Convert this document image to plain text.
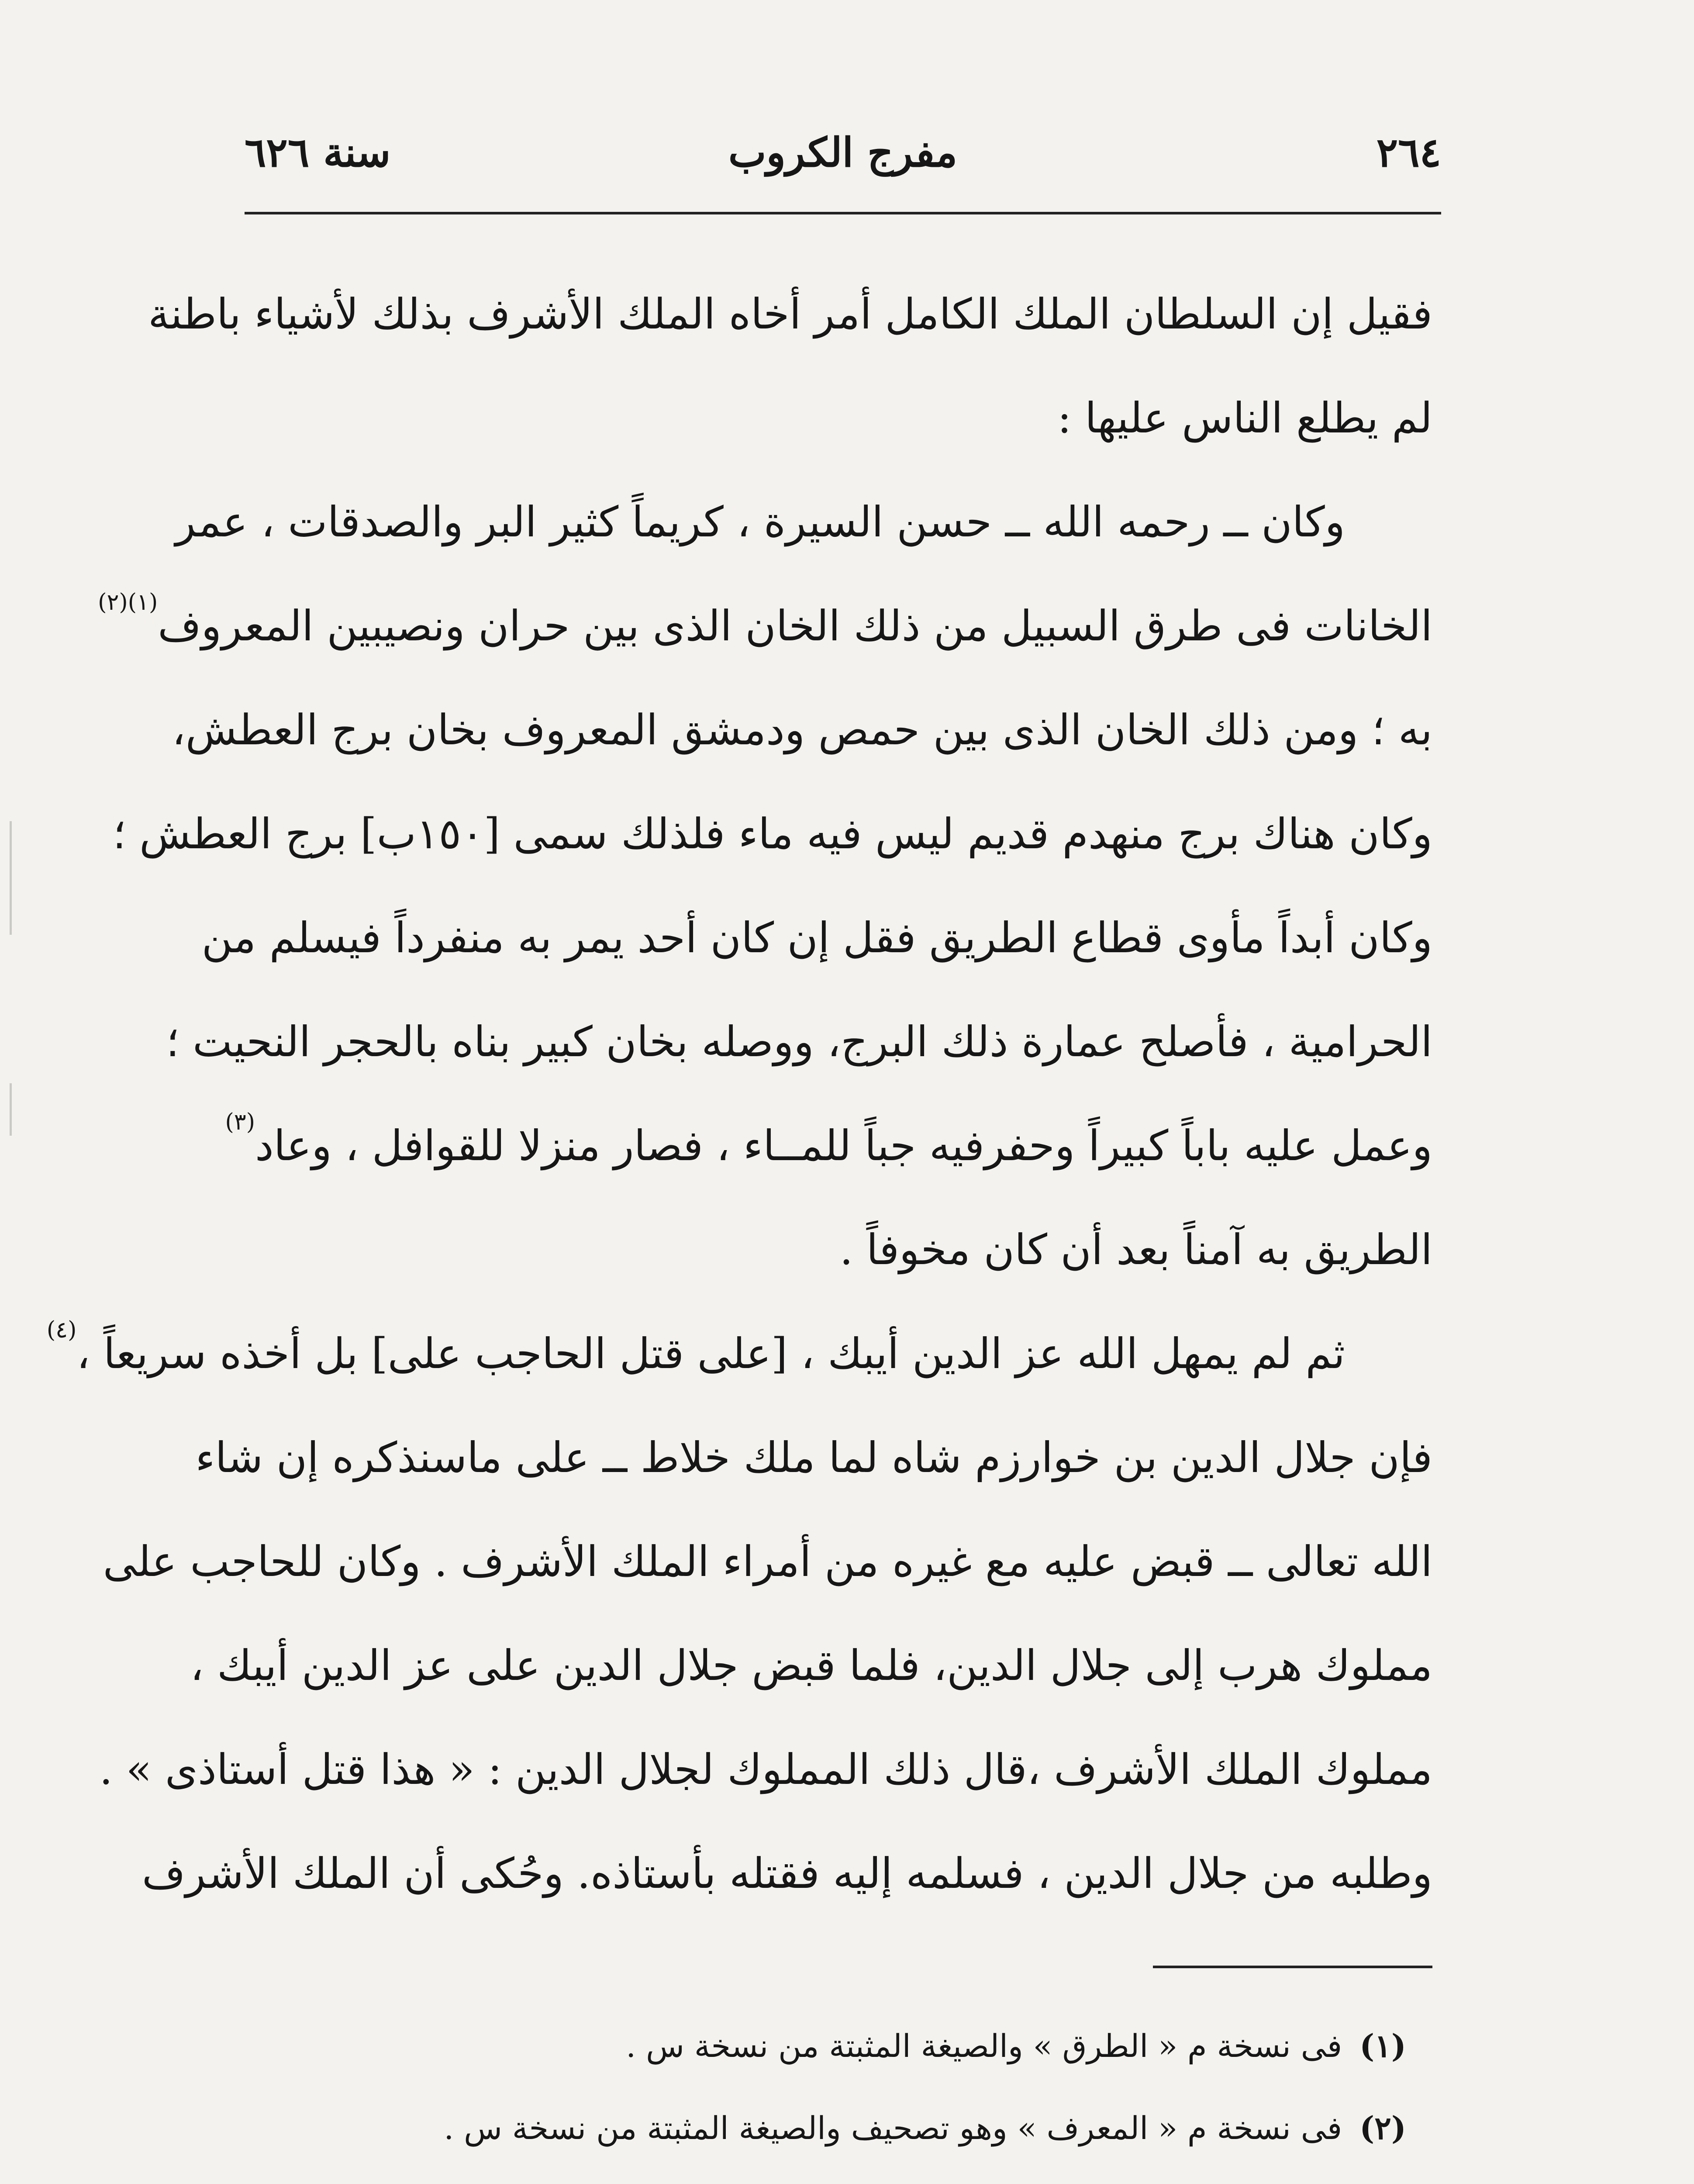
٢٦٤
مفرج الكروب
سنة ٦٢٦
فقيل إن السلطان الملك الكامل أمر أخاه الملك الأشرف بذلك لأشياء باطنة
لم يطلع الناس عليها :
وكان ــ رحمه الله ــ حسن السيرة ، كريماً كثير البر والصدقات ، عمر
الخانات فى طرق السبيل من ذلك الخان الذى بين حران ونصيبين المعروف$^{(١)(٢)}$
به ؛ ومن ذلك الخان الذى بين حمص ودمشق المعروف بخان برج العطش،
وكان هناك برج منهدم قديم ليس فيه ماء فلذلك سمى [١٥٠ب] برج العطش ؛
وكان أبداً مأوى قطاع الطريق فقل إن كان أحد يمر به منفرداً فيسلم من
الحرامية ، فأصلح عمارة ذلك البرج، ووصله بخان كبير بناه بالحجر النحيت ؛
وعمل عليه باباً كبيراً وحفرفيه جباً للمــاء ، فصار منزلا للقوافل ، وعاد$^{(٣)}$
الطريق به آمناً بعد أن كان مخوفاً .
ثم لم يمهل الله عز الدين أيبك ، [على قتل الحاجب على] بل أخذه سريعاً ،$^{(٤)}$
فإن جلال الدين بن خوارزم شاه لما ملك خلاط ــ على ماسنذكره إن شاء
الله تعالى ــ قبض عليه مع غيره من أمراء الملك الأشرف . وكان للحاجب على
مملوك هرب إلى جلال الدين، فلما قبض جلال الدين على عز الدين أيبك ،
مملوك الملك الأشرف ،قال ذلك المملوك لجلال الدين : « هذا قتل أستاذى » .
وطلبه من جلال الدين ، فسلمه إليه فقتله بأستاذه. وحُكى أن الملك الأشرف
(١)فى نسخة م « الطرق » والصيغة المثبتة من نسخة س .
(٢)فى نسخة م « المعرف » وهو تصحيف والصيغة المثبتة من نسخة س .
